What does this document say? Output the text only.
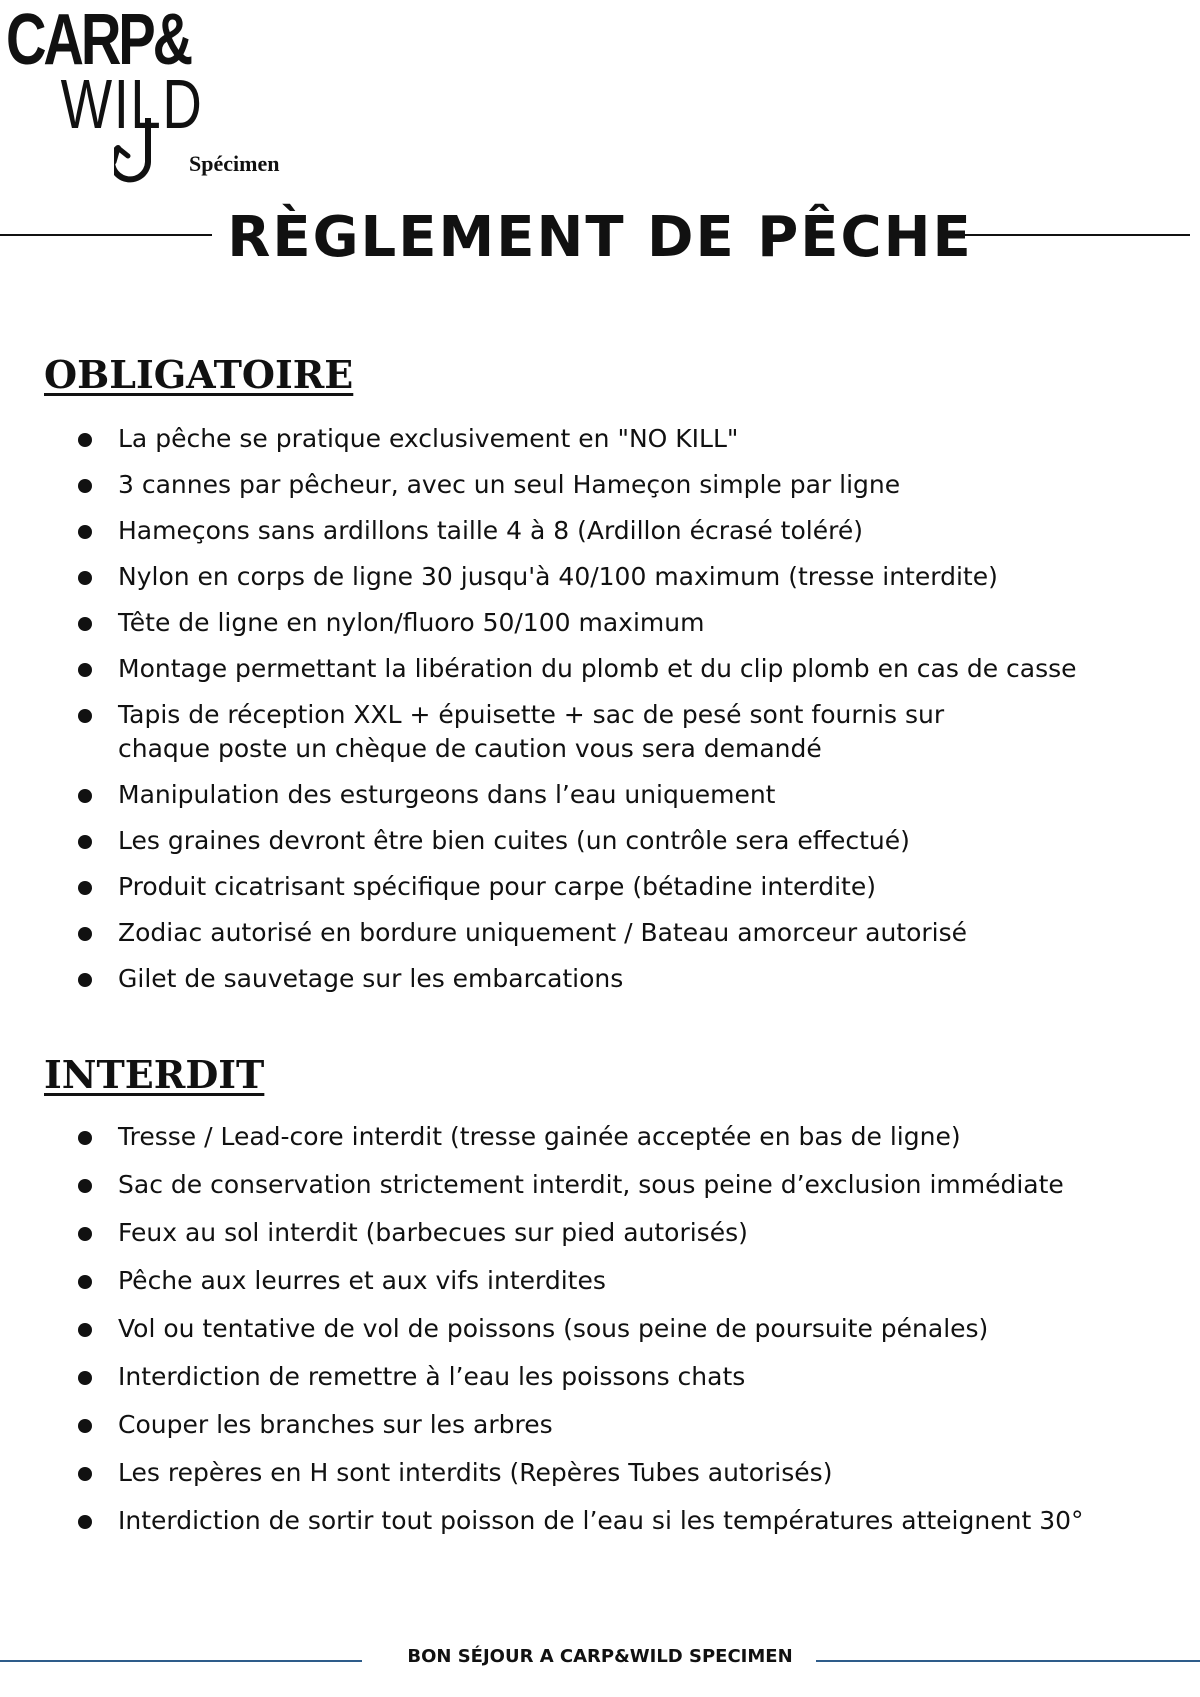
CARP&
WILD
Spécimen
RÈGLEMENT DE PÊCHE
OBLIGATOIRE
La pêche se pratique exclusivement en "NO KILL"
3 cannes par pêcheur, avec un seul Hameçon simple par ligne
Hameçons sans ardillons taille 4 à 8 (Ardillon écrasé toléré)
Nylon en corps de ligne 30 jusqu'à 40/100 maximum (tresse interdite)
Tête de ligne en nylon/fluoro 50/100 maximum
Montage permettant la libération du plomb et du clip plomb en cas de casse
Tapis de réception XXL + épuisette + sac de pesé sont fournis sur chaque poste un chèque de caution vous sera demandé
Manipulation des esturgeons dans l’eau uniquement
Les graines devront être bien cuites (un contrôle sera effectué)
Produit cicatrisant spécifique pour carpe (bétadine interdite)
Zodiac autorisé en bordure uniquement / Bateau amorceur autorisé
Gilet de sauvetage sur les embarcations
INTERDIT
Tresse / Lead-core interdit (tresse gainée acceptée en bas de ligne)
Sac de conservation strictement interdit, sous peine d’exclusion immédiate
Feux au sol interdit (barbecues sur pied autorisés)
Pêche aux leurres et aux vifs interdites
Vol ou tentative de vol de poissons (sous peine de poursuite pénales)
Interdiction de remettre à l’eau les poissons chats
Couper les branches sur les arbres
Les repères en H sont interdits (Repères Tubes autorisés)
Interdiction de sortir tout poisson de l’eau si les températures atteignent 30°
BON SÉJOUR A CARP&WILD SPECIMEN
